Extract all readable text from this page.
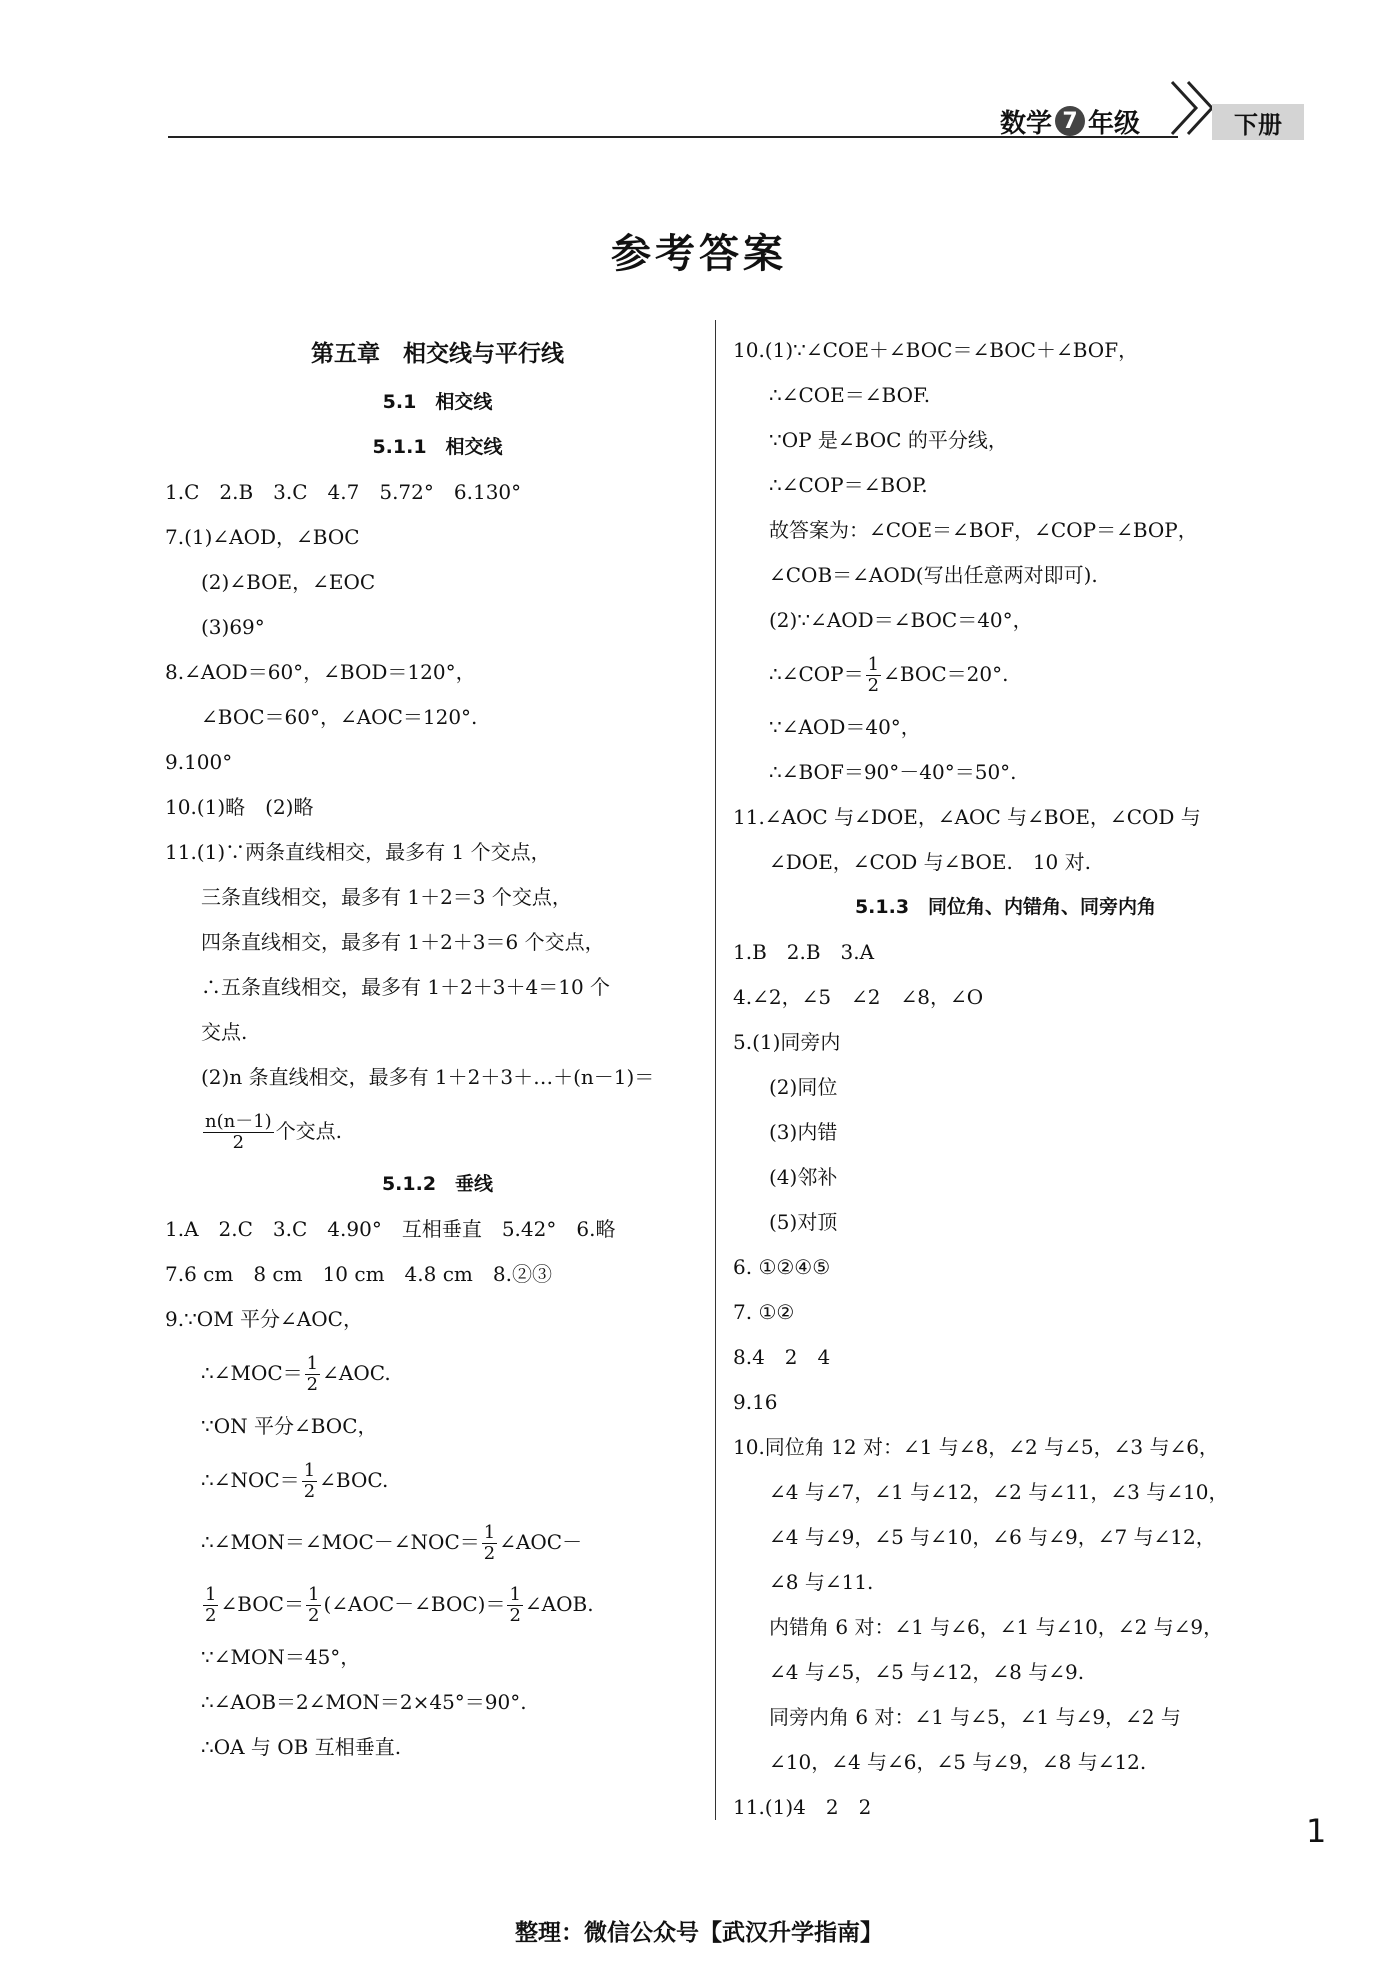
数学 7 年级	下册
参考答案
第五章　相交线与平行线
5.1　相交线
5.1.1　相交线
1.C　2.B　3.C　4.7　5.72°　6.130°
7.(1)∠AOD，∠BOC
(2)∠BOE，∠EOC
(3)69°
8.∠AOD＝60°，∠BOD＝120°，
∠BOC＝60°，∠AOC＝120°.
9.100°
10.(1)略　(2)略
11.(1)∵两条直线相交，最多有 1 个交点，
三条直线相交，最多有 1＋2＝3 个交点，
四条直线相交，最多有 1＋2＋3＝6 个交点，
∴五条直线相交，最多有 1＋2＋3＋4＝10 个
交点.
(2)n 条直线相交，最多有 1＋2＋3＋…＋(n－1)＝
$\frac{n(n-1)}{2}$ 个交点.
5.1.2　垂线
1.A　2.C　3.C　4.90°　互相垂直　5.42°　6.略
7.6 cm　8 cm　10 cm　4.8 cm　8.②③
9.∵OM 平分∠AOC，
∴∠MOC＝ $\frac{1}{2}$ ∠AOC.
∵ON 平分∠BOC，
∴∠NOC＝ $\frac{1}{2}$ ∠BOC.
∴∠MON＝∠MOC－∠NOC＝ $\frac{1}{2}$ ∠AOC－
$\frac{1}{2}$ ∠BOC＝ $\frac{1}{2}$ (∠AOC－∠BOC)＝ $\frac{1}{2}$ ∠AOB.
∵∠MON＝45°，
∴∠AOB＝2∠MON＝2×45°＝90°.
∴OA 与 OB 互相垂直.
10.(1)∵∠COE＋∠BOC＝∠BOC＋∠BOF，
∴∠COE＝∠BOF.
∵OP 是∠BOC 的平分线，
∴∠COP＝∠BOP.
故答案为：∠COE＝∠BOF，∠COP＝∠BOP，
∠COB＝∠AOD(写出任意两对即可).
(2)∵∠AOD＝∠BOC＝40°，
∴∠COP＝ $\frac{1}{2}$ ∠BOC＝20°.
∵∠AOD＝40°，
∴∠BOF＝90°－40°＝50°.
11.∠AOC 与∠DOE，∠AOC 与∠BOE，∠COD 与
∠DOE，∠COD 与∠BOE.　10 对.
5.1.3　同位角、内错角、同旁内角
1.B　2.B　3.A
4.∠2，∠5　∠2　∠8，∠O
5.(1)同旁内
(2)同位
(3)内错
(4)邻补
(5)对顶
6. ①②④⑤
7. ①②
8.4　2　4
9.16
10.同位角 12 对：∠1 与∠8，∠2 与∠5，∠3 与∠6，
∠4 与∠7，∠1 与∠12，∠2 与∠11，∠3 与∠10，
∠4 与∠9，∠5 与∠10，∠6 与∠9，∠7 与∠12，
∠8 与∠11.
内错角 6 对：∠1 与∠6，∠1 与∠10，∠2 与∠9，
∠4 与∠5，∠5 与∠12，∠8 与∠9.
同旁内角 6 对：∠1 与∠5，∠1 与∠9，∠2 与
∠10，∠4 与∠6，∠5 与∠9，∠8 与∠12.
11.(1)4　2　2
1
整理：微信公众号【武汉升学指南】
